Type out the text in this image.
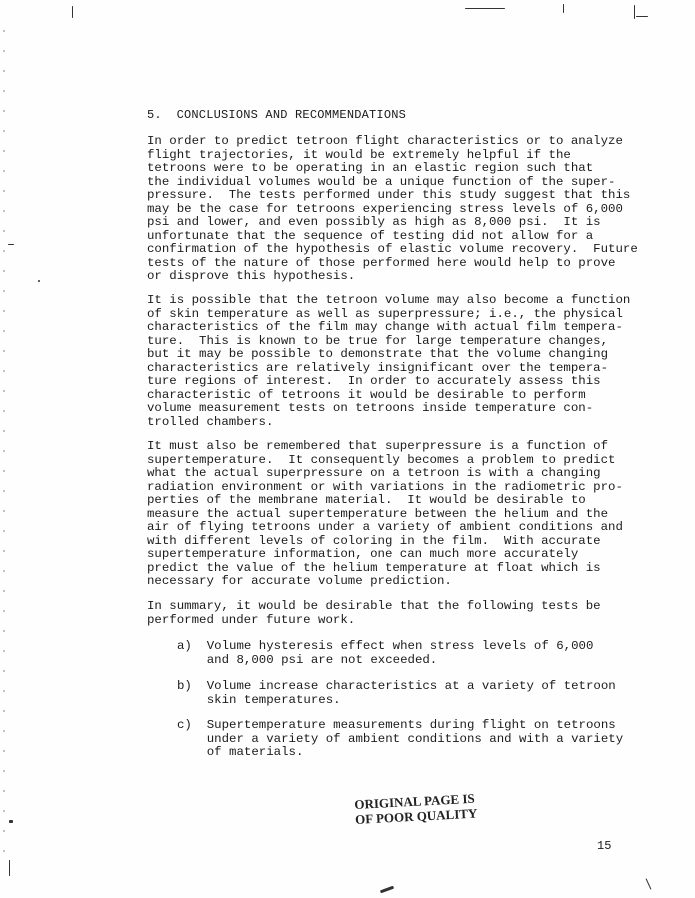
5.  CONCLUSIONS AND RECOMMENDATIONS
In order to predict tetroon flight characteristics or to analyze
flight trajectories, it would be extremely helpful if the
tetroons were to be operating in an elastic region such that
the individual volumes would be a unique function of the super-
pressure.  The tests performed under this study suggest that this
may be the case for tetroons experiencing stress levels of 6,000
psi and lower, and even possibly as high as 8,000 psi.  It is
unfortunate that the sequence of testing did not allow for a
confirmation of the hypothesis of elastic volume recovery.  Future
tests of the nature of those performed here would help to prove
or disprove this hypothesis.
It is possible that the tetroon volume may also become a function
of skin temperature as well as superpressure; i.e., the physical
characteristics of the film may change with actual film tempera-
ture.  This is known to be true for large temperature changes,
but it may be possible to demonstrate that the volume changing
characteristics are relatively insignificant over the tempera-
ture regions of interest.  In order to accurately assess this
characteristic of tetroons it would be desirable to perform
volume measurement tests on tetroons inside temperature con-
trolled chambers.
It must also be remembered that superpressure is a function of
supertemperature.  It consequently becomes a problem to predict
what the actual superpressure on a tetroon is with a changing
radiation environment or with variations in the radiometric pro-
perties of the membrane material.  It would be desirable to
measure the actual supertemperature between the helium and the
air of flying tetroons under a variety of ambient conditions and
with different levels of coloring in the film.  With accurate
supertemperature information, one can much more accurately
predict the value of the helium temperature at float which is
necessary for accurate volume prediction.
In summary, it would be desirable that the following tests be
performed under future work.
a)  Volume hysteresis effect when stress levels of 6,000
and 8,000 psi are not exceeded.
b)  Volume increase characteristics at a variety of tetroon
skin temperatures.
c)  Supertemperature measurements during flight on tetroons
under a variety of ambient conditions and with a variety
of materials.
ORIGINAL PAGE IS
OF POOR QUALITY
15
